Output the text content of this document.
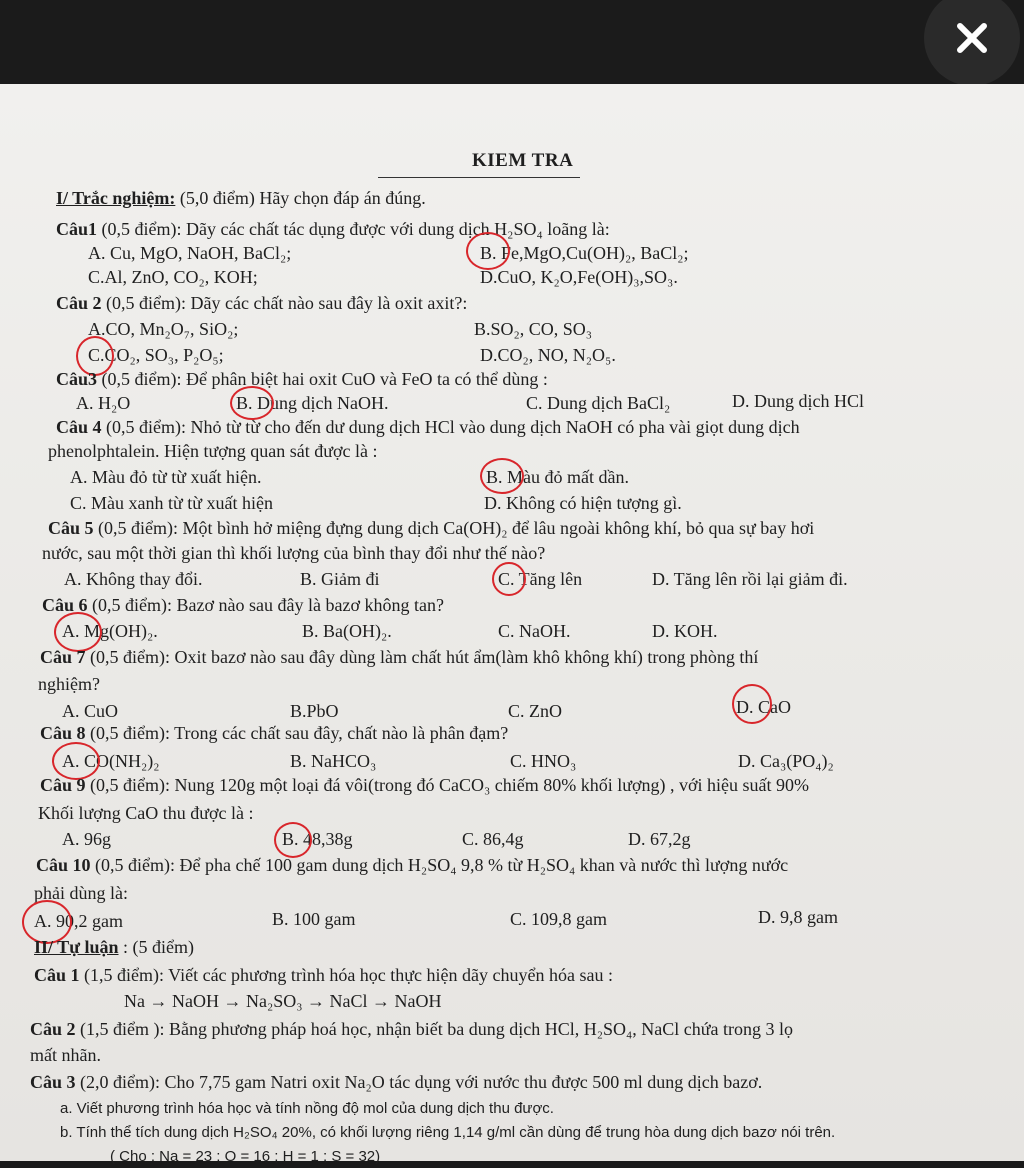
KIEM TRA
I/ Trắc nghiệm: (5,0 điểm) Hãy chọn đáp án đúng.
Câu1 (0,5 điểm): Dãy các chất tác dụng được với dung dịch H₂SO₄ loãng là:
A. Cu, MgO, NaOH, BaCl₂;	B. Fe,MgO,Cu(OH)₂, BaCl₂;
C.Al, ZnO, CO₂, KOH;	D.CuO, K₂O,Fe(OH)₃,SO₃.
Câu 2 (0,5 điểm): Dãy các chất nào sau đây là oxit axit?:
A.CO, Mn₂O₇, SiO₂;	B.SO₂, CO, SO₃
C.CO₂, SO₃, P₂O₅;	D.CO₂, NO, N₂O₅.
Câu3 (0,5 điểm): Để phân biệt hai oxit CuO và FeO ta có thể dùng :
A. H₂O	B. Dung dịch NaOH.	C. Dung dịch BaCl₂	D. Dung dịch HCl
Câu 4 (0,5 điểm): Nhỏ từ từ cho đến dư dung dịch HCl vào dung dịch NaOH có pha vài giọt dung dịch
phenolphtalein. Hiện tượng quan sát được là :
A. Màu đỏ từ từ xuất hiện.	B. Màu đỏ mất dần.
C. Màu xanh từ từ xuất hiện	D. Không có hiện tượng gì.
Câu 5 (0,5 điểm): Một bình hở miệng đựng dung dịch Ca(OH)₂ để lâu ngoài không khí, bỏ qua sự bay hơi
nước, sau một thời gian thì khối lượng của bình thay đổi như thế nào?
A. Không thay đổi.	B. Giảm đi	C. Tăng lên	D. Tăng lên rồi lại giảm đi.
Câu 6 (0,5 điểm): Bazơ nào sau đây là bazơ không tan?
A. Mg(OH)₂.	B. Ba(OH)₂.	C. NaOH.	D. KOH.
Câu 7 (0,5 điểm): Oxit bazơ nào sau đây dùng làm chất hút ẩm(làm khô không khí) trong phòng thí
nghiệm?
A. CuO	B.PbO	C. ZnO	D. CaO
Câu 8 (0,5 điểm): Trong các chất sau đây, chất nào là phân đạm?
A. CO(NH₂)₂	B. NaHCO₃	C. HNO₃	D. Ca₃(PO₄)₂
Câu 9 (0,5 điểm): Nung 120g một loại đá vôi(trong đó CaCO₃ chiếm 80% khối lượng) , với hiệu suất 90%
Khối lượng CaO thu được là :
A. 96g	B. 48,38g	C. 86,4g	D. 67,2g
Câu 10 (0,5 điểm): Để pha chế 100 gam dung dịch H₂SO₄ 9,8 % từ H₂SO₄ khan và nước thì lượng nước
phải dùng là:
A. 90,2 gam	B. 100 gam	C. 109,8 gam	D. 9,8 gam
II/ Tự luận : (5 điểm)
Câu 1 (1,5 điểm): Viết các phương trình hóa học thực hiện dãy chuyển hóa sau :
Na → NaOH → Na₂SO₃ → NaCl → NaOH
Câu 2 (1,5 điểm ): Bằng phương pháp hoá học, nhận biết ba dung dịch HCl, H₂SO₄, NaCl chứa trong 3 lọ
mất nhãn.
Câu 3 (2,0 điểm): Cho 7,75 gam Natri oxit Na₂O tác dụng với nước thu được 500 ml dung dịch bazơ.
a. Viết phương trình hóa học và tính nồng độ mol của dung dịch thu được.
b. Tính thể tích dung dịch H₂SO₄ 20%, có khối lượng riêng 1,14 g/ml cần dùng để trung hòa dung dịch bazơ nói trên.
( Cho : Na = 23 ; O = 16 ; H = 1 ; S = 32)
